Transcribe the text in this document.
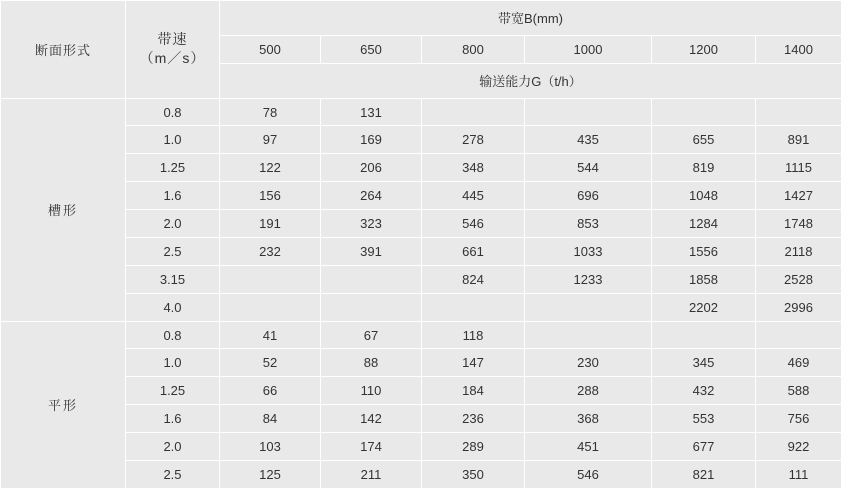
断面形式	带速
（m／s）	带宽B(mm)					
		500	650	800	1000	1200	1400
		输送能力G（t/h）					
槽形	0.8	78	131				
	1.0	97	169	278	435	655	891
	1.25	122	206	348	544	819	1115
	1.6	156	264	445	696	1048	1427
	2.0	191	323	546	853	1284	1748
	2.5	232	391	661	1033	1556	2118
	3.15			824	1233	1858	2528
	4.0					2202	2996
平形	0.8	41	67	118			
	1.0	52	88	147	230	345	469
	1.25	66	110	184	288	432	588
	1.6	84	142	236	368	553	756
	2.0	103	174	289	451	677	922
	2.5	125	211	350	546	821	111
